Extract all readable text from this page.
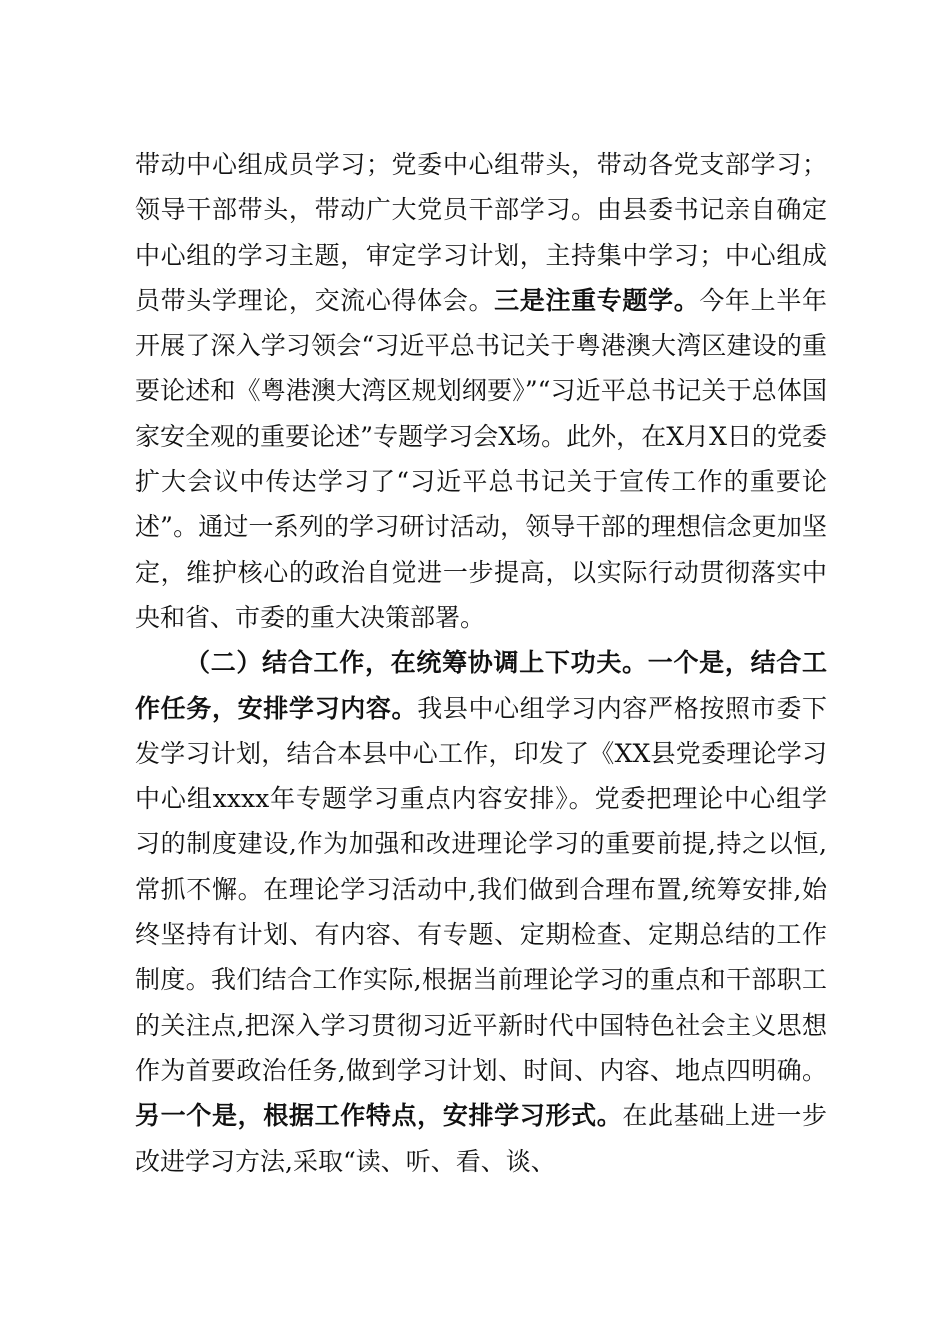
带动中心组成员学习；党委中心组带头，带动各党支部学习；领导干部带头，带动广大党员干部学习。由县委书记亲自确定中心组的学习主题，审定学习计划，主持集中学习；中心组成员带头学理论，交流心得体会。三是注重专题学。今年上半年开展了深入学习领会“习近平总书记关于粤港澳大湾区建设的重要论述和《粤港澳大湾区规划纲要》”“习近平总书记关于总体国家安全观的重要论述”专题学习会X场。此外，在X月X日的党委扩大会议中传达学习了“习近平总书记关于宣传工作的重要论述”。通过一系列的学习研讨活动，领导干部的理想信念更加坚定，维护核心的政治自觉进一步提高，以实际行动贯彻落实中央和省、市委的重大决策部署。

（二）结合工作，在统筹协调上下功夫。一个是，结合工作任务，安排学习内容。我县中心组学习内容严格按照市委下发学习计划，结合本县中心工作，印发了《XX县党委理论学习中心组xxxx年专题学习重点内容安排》。党委把理论中心组学习的制度建设,作为加强和改进理论学习的重要前提,持之以恒,常抓不懈。在理论学习活动中,我们做到合理布置,统筹安排,始终坚持有计划、有内容、有专题、定期检查、定期总结的工作制度。我们结合工作实际,根据当前理论学习的重点和干部职工的关注点,把深入学习贯彻习近平新时代中国特色社会主义思想作为首要政治任务,做到学习计划、时间、内容、地点四明确。另一个是，根据工作特点，安排学习形式。在此基础上进一步改进学习方法,采取“读、听、看、谈、
